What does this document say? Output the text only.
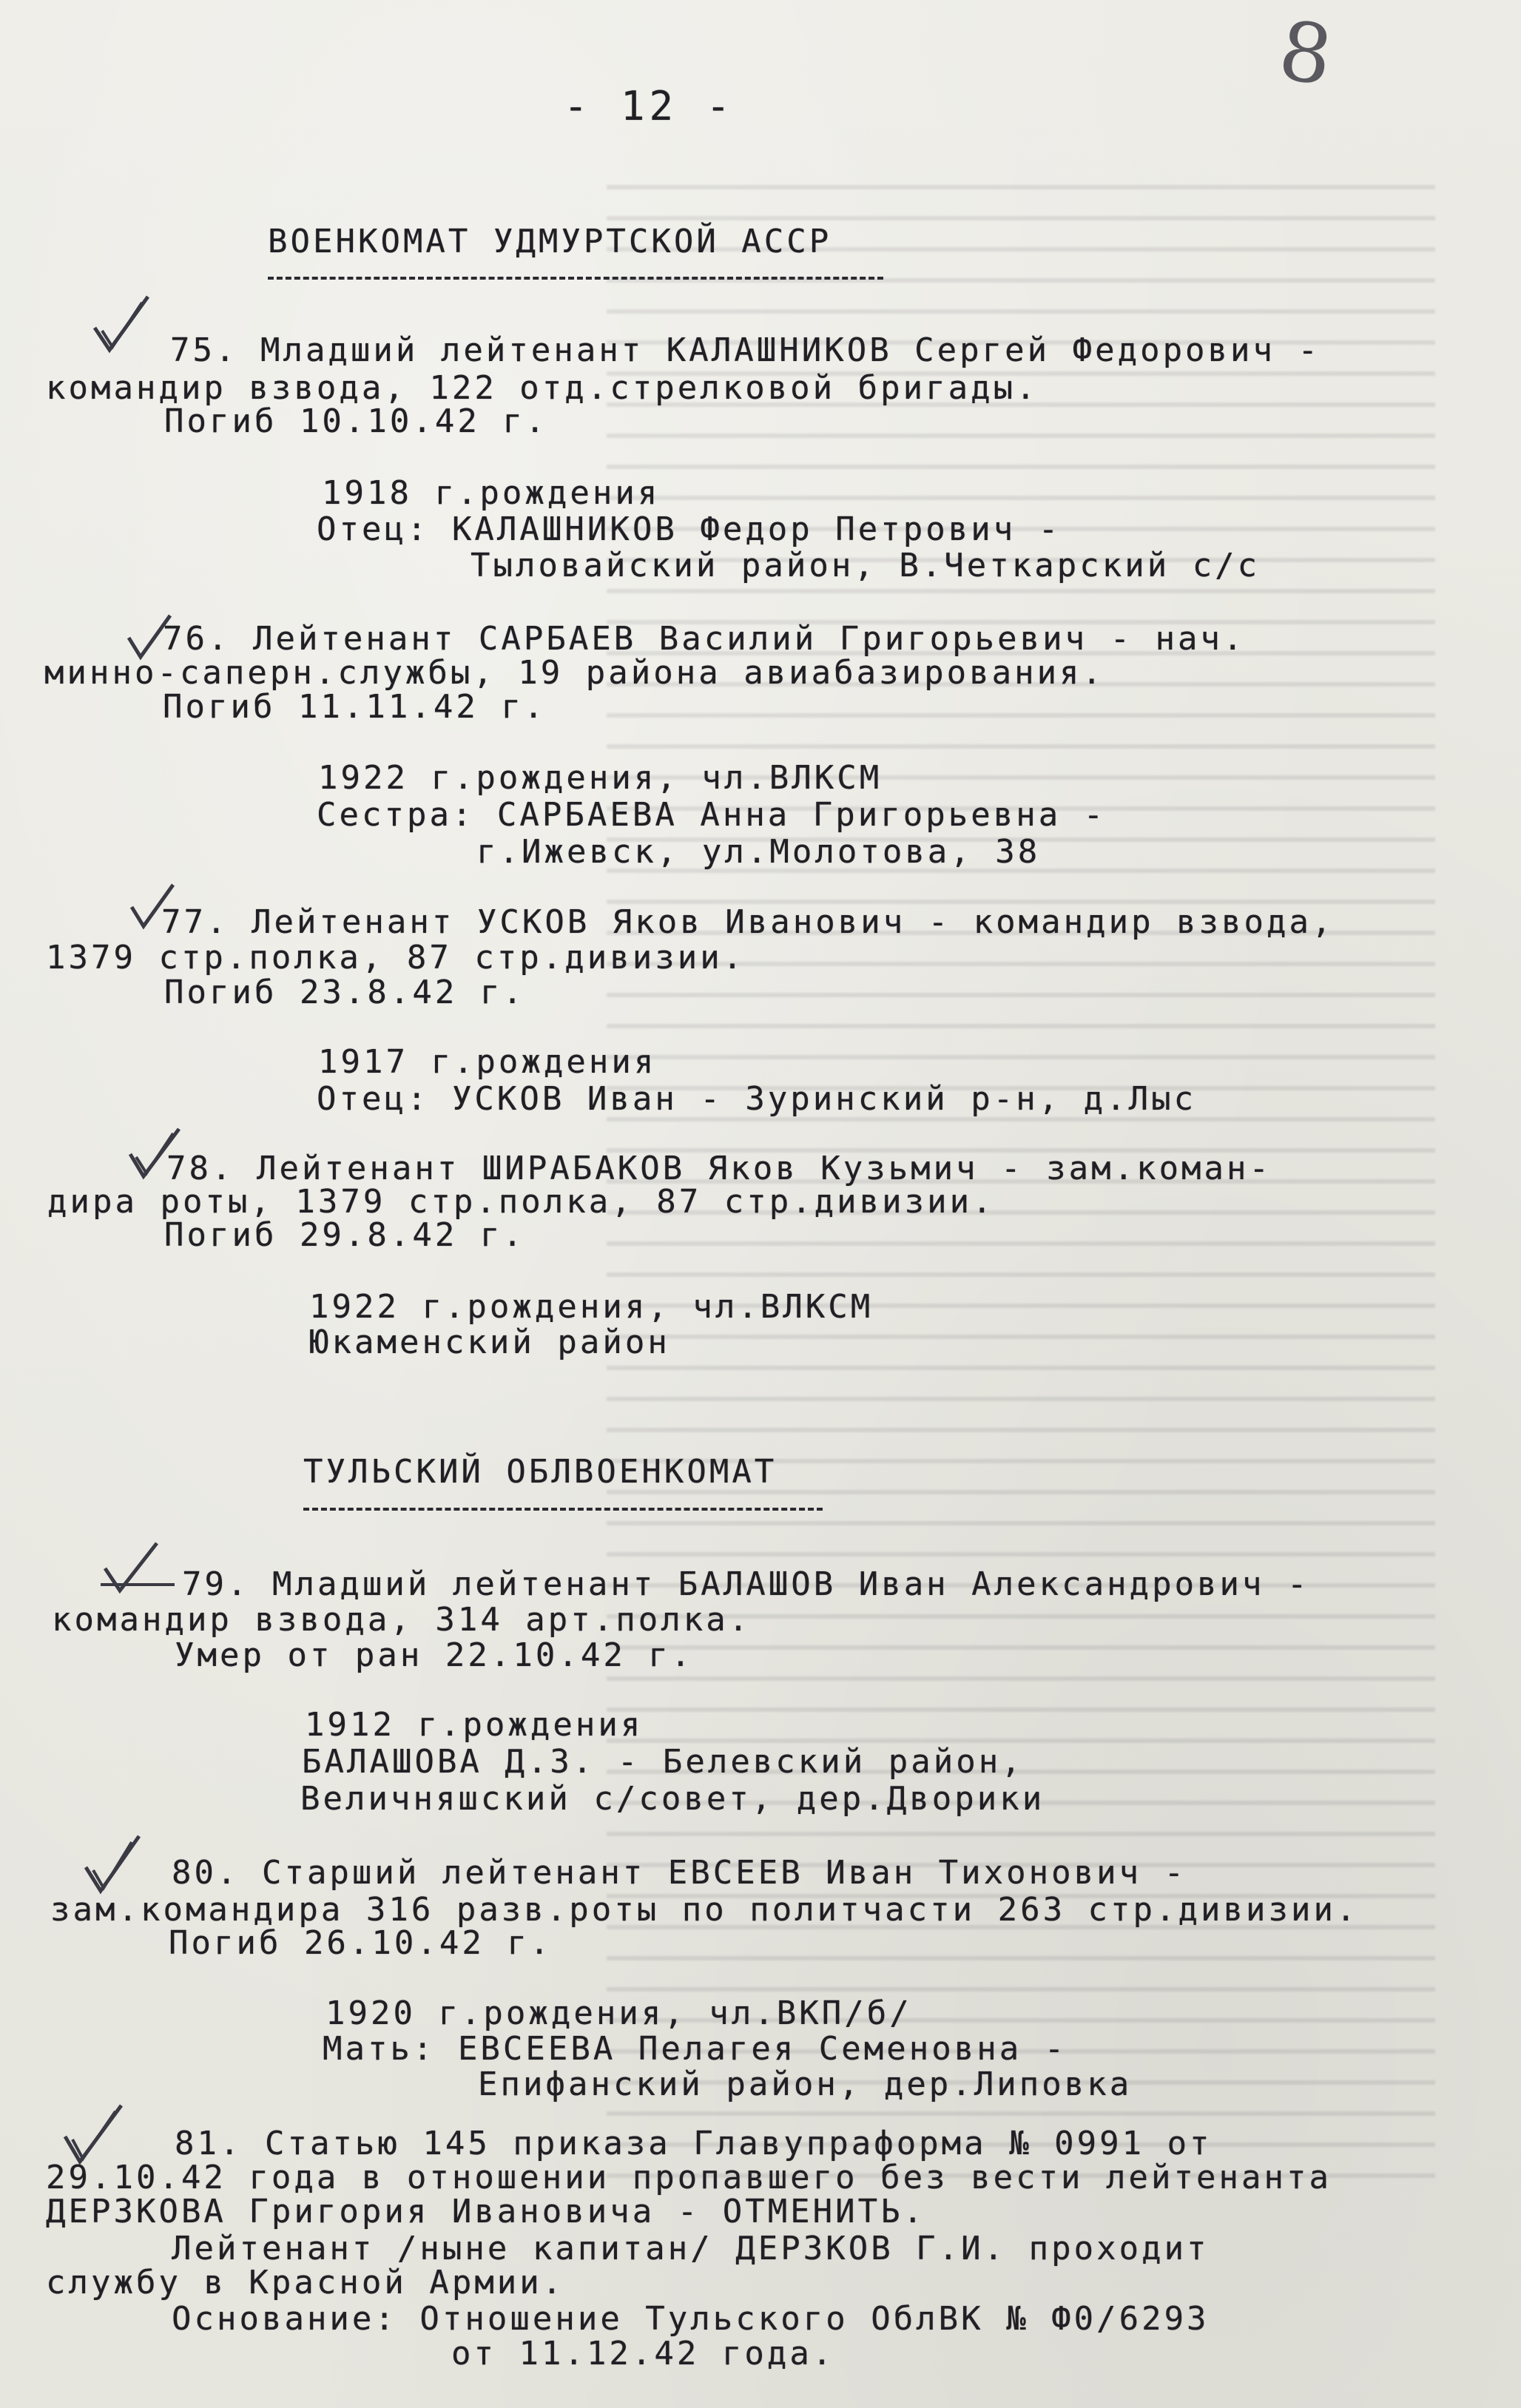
- 12 -
8
ВОЕНКОМАТ УДМУРТСКОЙ АССР
75. Младший лейтенант КАЛАШНИКОВ Сергей Федорович -
командир взвода, 122 отд.стрелковой бригады.
Погиб 10.10.42 г.
1918 г.рождения
Отец: КАЛАШНИКОВ Федор Петрович -
Тыловайский район, В.Четкарский с/с
76. Лейтенант САРБАЕВ Василий Григорьевич - нач.
минно-саперн.службы, 19 района авиабазирования.
Погиб 11.11.42 г.
1922 г.рождения, чл.ВЛКСМ
Сестра: САРБАЕВА Анна Григорьевна -
г.Ижевск, ул.Молотова, 38
77. Лейтенант УСКОВ Яков Иванович - командир взвода,
1379 стр.полка, 87 стр.дивизии.
Погиб 23.8.42 г.
1917 г.рождения
Отец: УСКОВ Иван - Зуринский р-н, д.Лыс
78. Лейтенант ШИРАБАКОВ Яков Кузьмич - зам.коман-
дира роты, 1379 стр.полка, 87 стр.дивизии.
Погиб 29.8.42 г.
1922 г.рождения, чл.ВЛКСМ
Юкаменский район
ТУЛЬСКИЙ ОБЛВОЕНКОМАТ
79. Младший лейтенант БАЛАШОВ Иван Александрович -
командир взвода, 314 арт.полка.
Умер от ран 22.10.42 г.
1912 г.рождения
БАЛАШОВА Д.З. - Белевский район,
Величняшский с/совет, дер.Дворики
80. Старший лейтенант ЕВСЕЕВ Иван Тихонович -
зам.командира 316 разв.роты по политчасти 263 стр.дивизии.
Погиб 26.10.42 г.
1920 г.рождения, чл.ВКП/б/
Мать: ЕВСЕЕВА Пелагея Семеновна -
Епифанский район, дер.Липовка
81. Статью 145 приказа Главупраформа № 0991 от
29.10.42 года в отношении пропавшего без вести лейтенанта
ДЕРЗКОВА Григория Ивановича - ОТМЕНИТЬ.
Лейтенант /ныне капитан/ ДЕРЗКОВ Г.И. проходит
службу в Красной Армии.
Основание: Отношение Тульского ОблВК № Ф0/6293
от 11.12.42 года.
